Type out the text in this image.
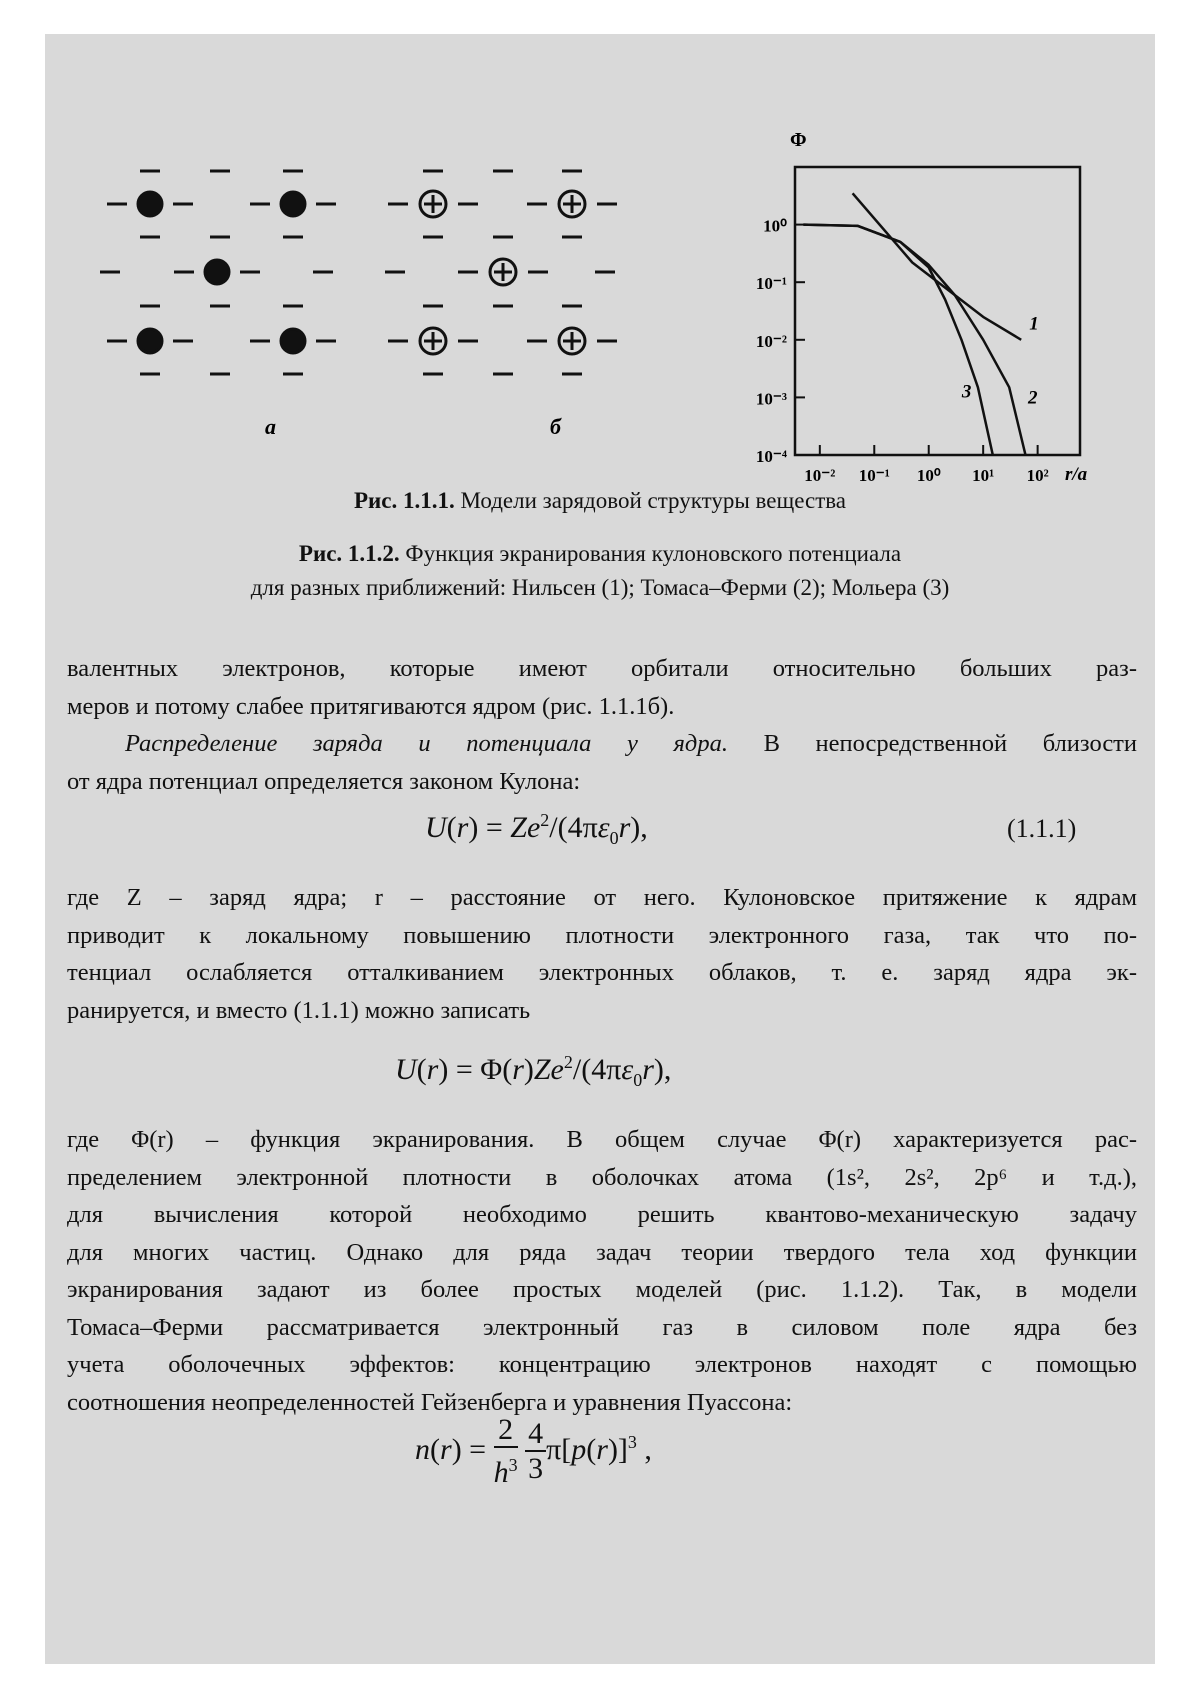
а	б
Φ
10⁰
10⁻¹
10⁻²
10⁻³
10⁻⁴
10⁻² 10⁻¹ 10⁰ 10¹ 10²
1
2
3
r/a
Рис. 1.1.1. Модели зарядовой структуры вещества
Рис. 1.1.2. Функция экранирования кулоновского потенциала
для разных приближений: Нильсен (1); Томаса–Ферми (2); Мольера (3)
валентных электронов, которые имеют орбитали относительно больших раз-
меров и потому слабее притягиваются ядром (рис. 1.1.1б).
Распределение заряда и потенциала у ядра. В непосредственной близости
от ядра потенциал определяется законом Кулона:
$U(r) = Ze^2/(4\pi\varepsilon_0r)$,	(1.1.1)
где Z – заряд ядра; r – расстояние от него. Кулоновское притяжение к ядрам
приводит к локальному повышению плотности электронного газа, так что по-
тенциал ослабляется отталкиванием электронных облаков, т. е. заряд ядра эк-
ранируется, и вместо (1.1.1) можно записать
$U(r) = \Phi(r)Ze^2/(4\pi\varepsilon_0r)$,
где Φ(r) – функция экранирования. В общем случае Φ(r) характеризуется рас-
пределением электронной плотности в оболочках атома (1s², 2s², 2p⁶ и т.д.),
для вычисления которой необходимо решить квантово-механическую задачу
для многих частиц. Однако для ряда задач теории твердого тела ход функции
экранирования задают из более простых моделей (рис. 1.1.2). Так, в модели
Томаса–Ферми рассматривается электронный газ в силовом поле ядра без
учета оболочечных эффектов: концентрацию электронов находят с помощью
соотношения неопределенностей Гейзенберга и уравнения Пуассона:
$n(r) = \frac{2}{h^3}$
$\frac{4}{3} \pi[p(r)]^3$ ,
